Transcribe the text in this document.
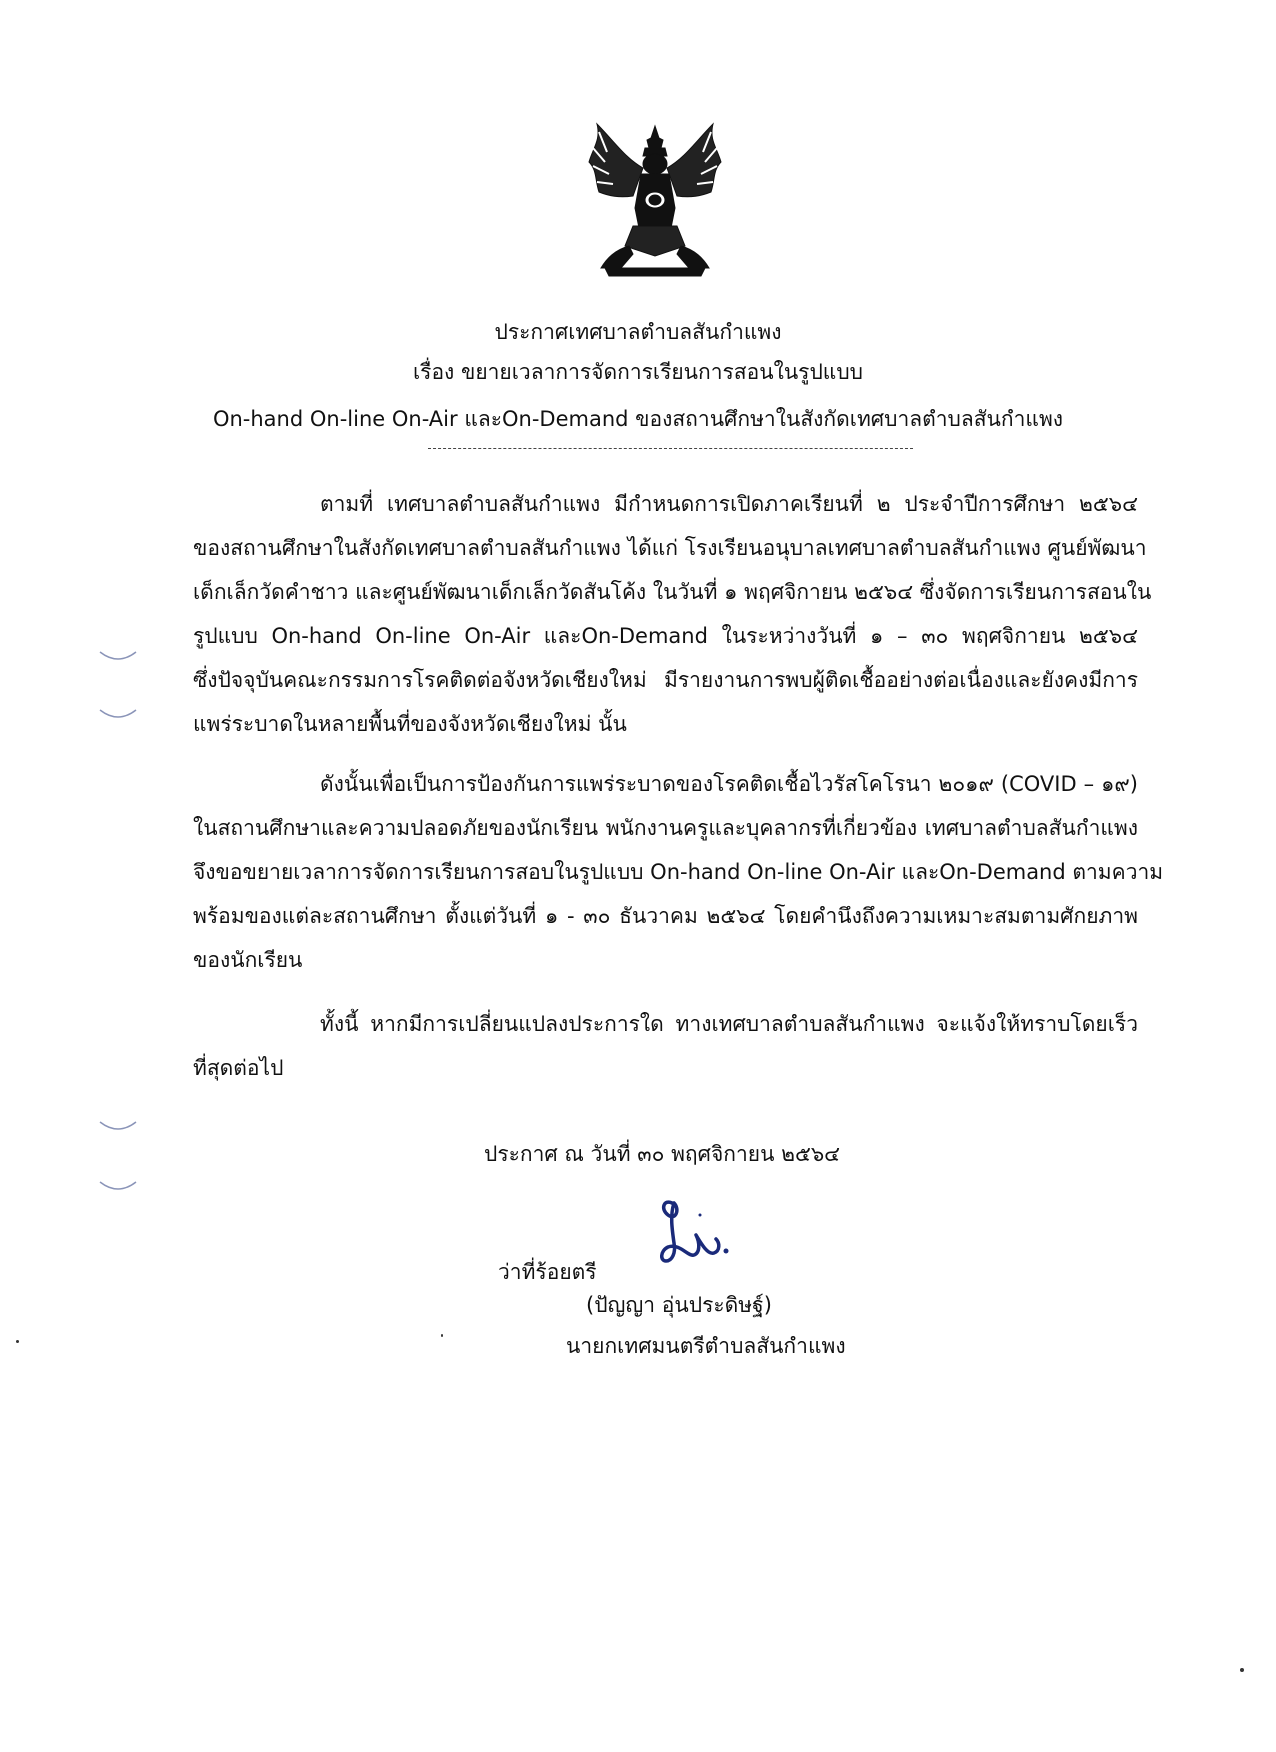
ประกาศเทศบาลตำบลสันกำแพง
เรื่อง ขยายเวลาการจัดการเรียนการสอนในรูปแบบ
On-hand On-line On-Air และOn-Demand ของสถานศึกษาในสังกัดเทศบาลตำบลสันกำแพง
ตามที่ เทศบาลตำบลสันกำแพง มีกำหนดการเปิดภาคเรียนที่ ๒ ประจำปีการศึกษา ๒๕๖๔
ของสถานศึกษาในสังกัดเทศบาลตำบลสันกำแพง ได้แก่ โรงเรียนอนุบาลเทศบาลตำบลสันกำแพง ศูนย์พัฒนา
เด็กเล็กวัดคำชาว และศูนย์พัฒนาเด็กเล็กวัดสันโค้ง ในวันที่ ๑ พฤศจิกายน ๒๕๖๔ ซึ่งจัดการเรียนการสอนใน
รูปแบบ On-hand On-line On-Air และOn-Demand ในระหว่างวันที่ ๑ – ๓๐ พฤศจิกายน ๒๕๖๔
ซึ่งปัจจุบันคณะกรรมการโรคติดต่อจังหวัดเชียงใหม่ มีรายงานการพบผู้ติดเชื้ออย่างต่อเนื่องและยังคงมีการ
แพร่ระบาดในหลายพื้นที่ของจังหวัดเชียงใหม่ นั้น
ดังนั้นเพื่อเป็นการป้องกันการแพร่ระบาดของโรคติดเชื้อไวรัสโคโรนา ๒๐๑๙ (COVID – ๑๙)
ในสถานศึกษาและความปลอดภัยของนักเรียน พนักงานครูและบุคลากรที่เกี่ยวข้อง เทศบาลตำบลสันกำแพง
จึงขอขยายเวลาการจัดการเรียนการสอบในรูปแบบ On-hand On-line On-Air และOn-Demand ตามความ
พร้อมของแต่ละสถานศึกษา ตั้งแต่วันที่ ๑ - ๓๐ ธันวาคม ๒๕๖๔ โดยคำนึงถึงความเหมาะสมตามศักยภาพ
ของนักเรียน
ทั้งนี้ หากมีการเปลี่ยนแปลงประการใด ทางเทศบาลตำบลสันกำแพง จะแจ้งให้ทราบโดยเร็ว
ที่สุดต่อไป
ประกาศ ณ วันที่ ๓๐ พฤศจิกายน ๒๕๖๔
ว่าที่ร้อยตรี
(ปัญญา อุ่นประดิษฐ์)
นายกเทศมนตรีตำบลสันกำแพง
